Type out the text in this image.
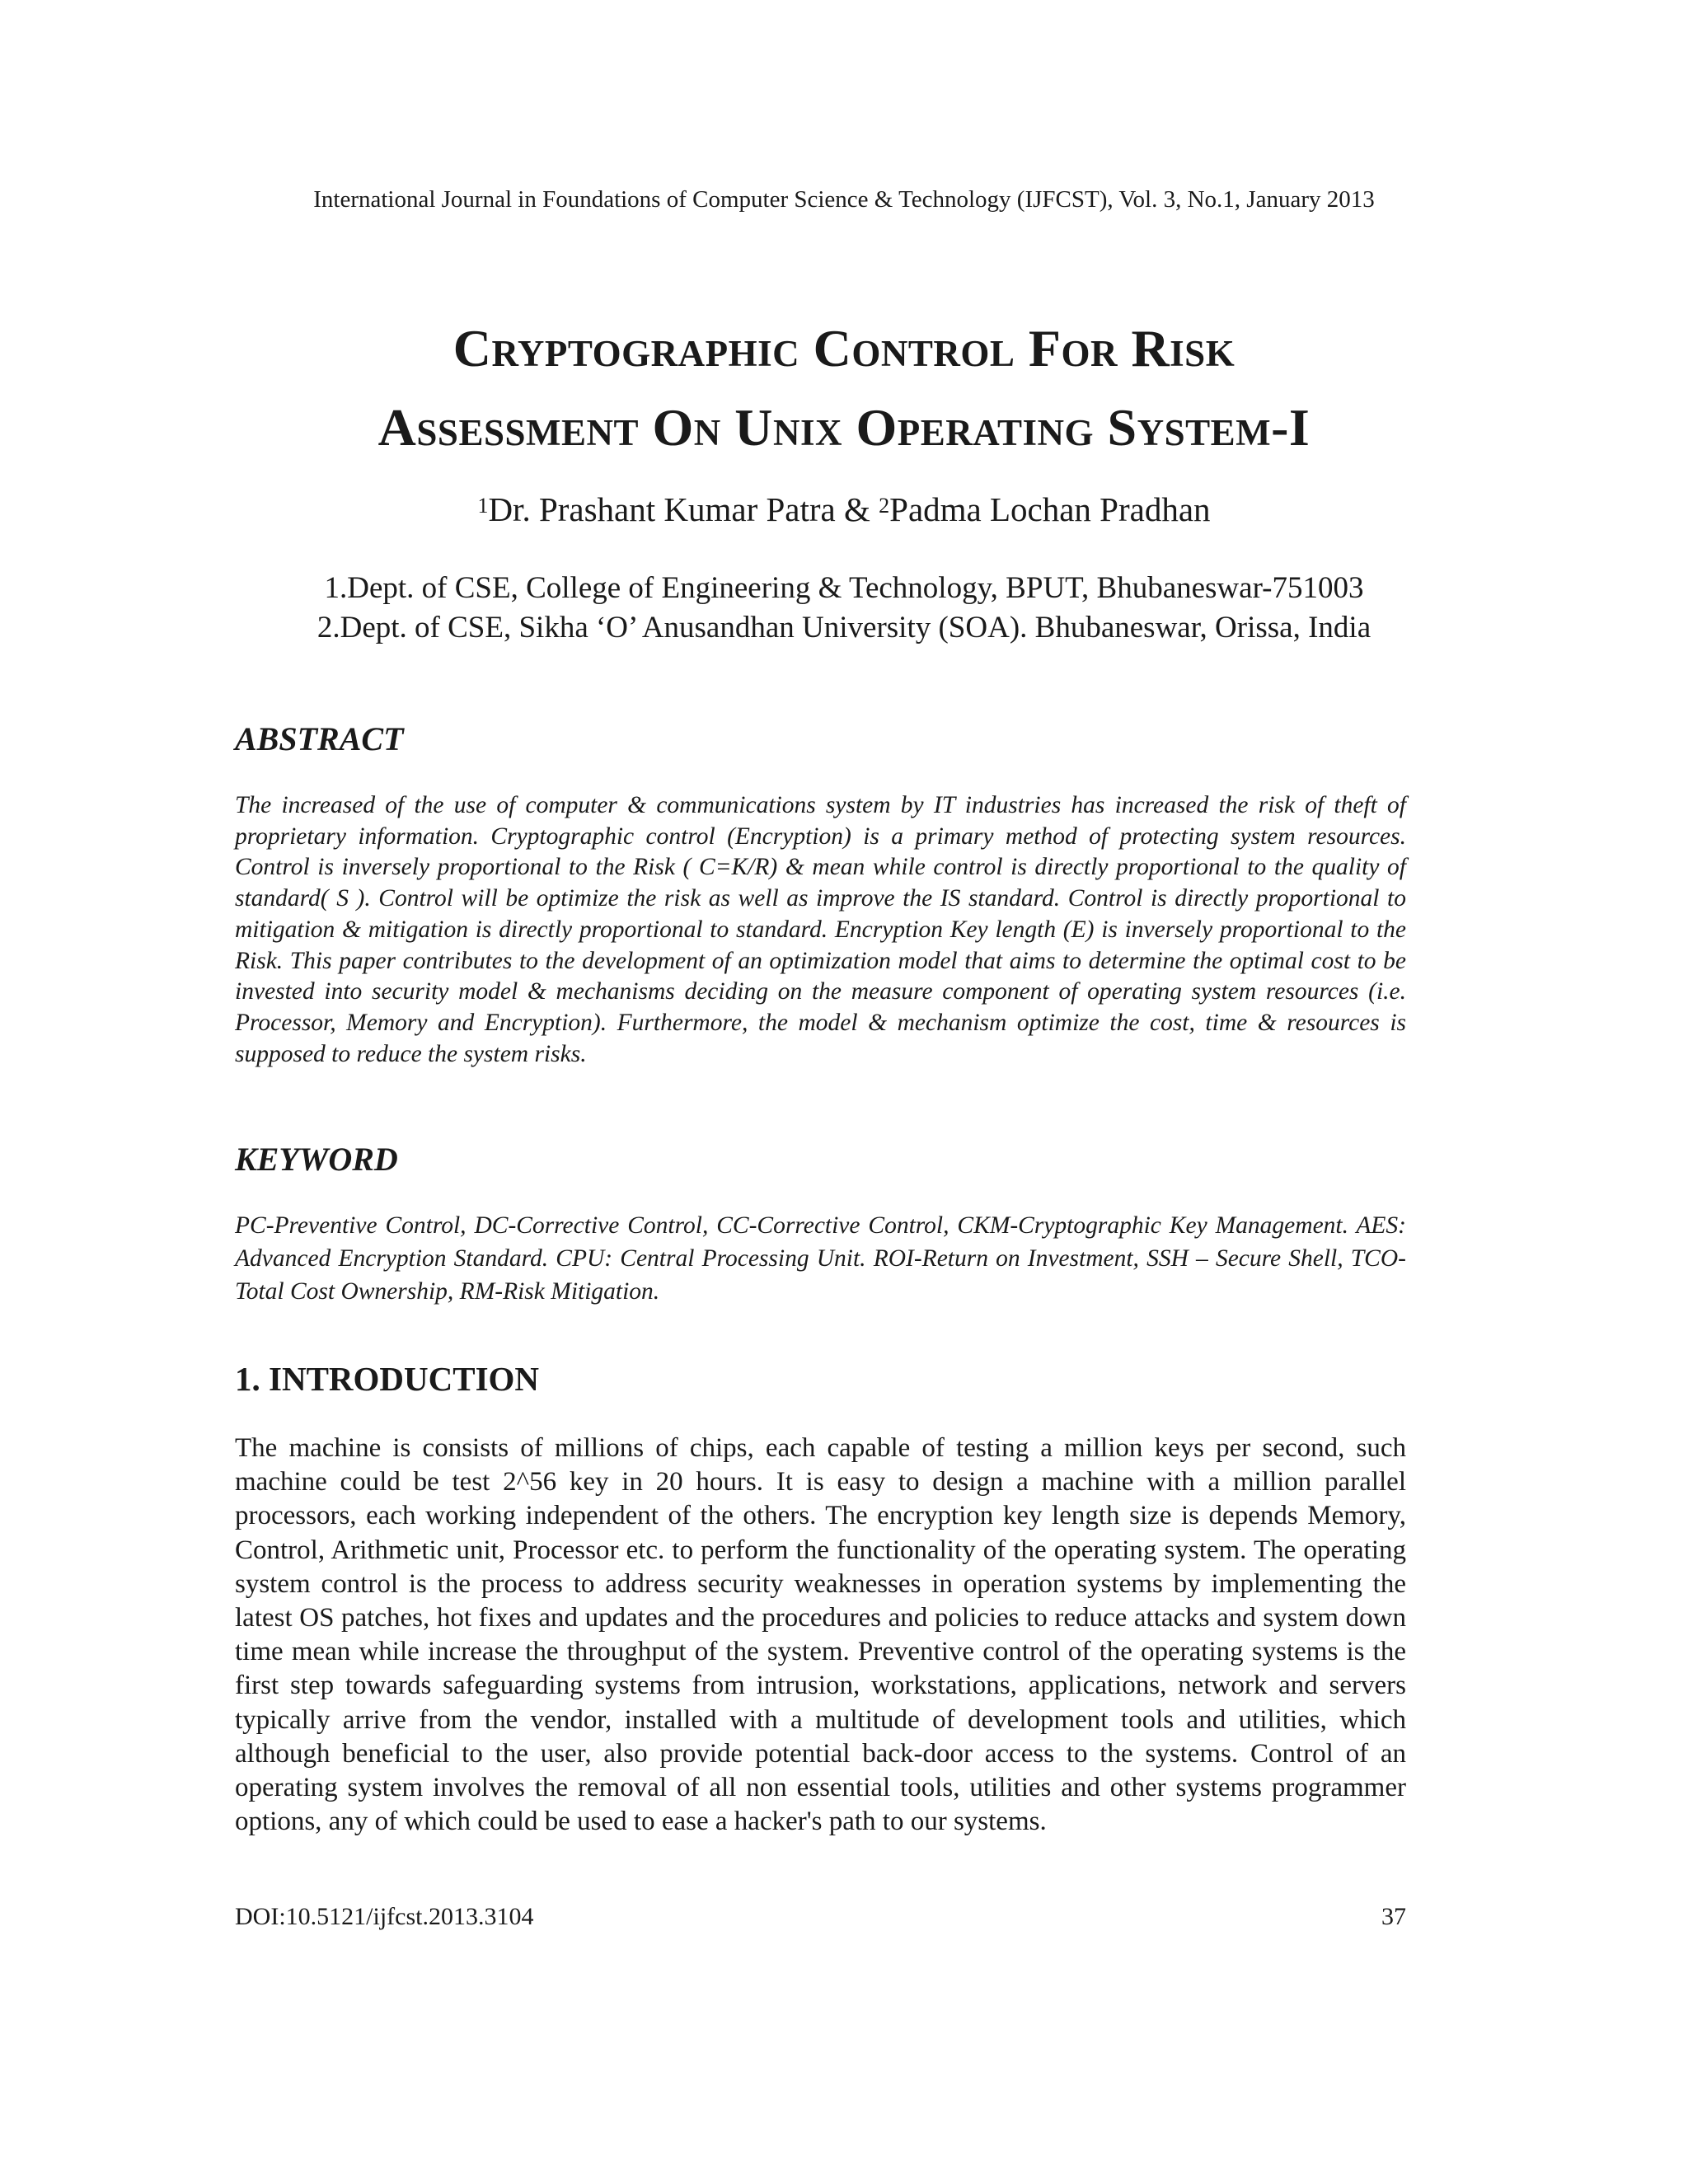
International Journal in Foundations of Computer Science & Technology (IJFCST), Vol. 3, No.1, January 2013
Cryptographic Control For Risk
Assessment On Unix Operating System-I
$^1$Dr. Prashant Kumar Patra & $^2$Padma Lochan Pradhan
1.Dept. of CSE, College of Engineering & Technology, BPUT, Bhubaneswar-751003
2.Dept. of CSE, Sikha ‘O’ Anusandhan University (SOA). Bhubaneswar, Orissa, India
ABSTRACT

The increased of the use of computer & communications system by IT industries has increased the risk of theft of proprietary information. Cryptographic control (Encryption) is a primary method of protecting system resources. Control is inversely proportional to the Risk ( C=K/R) & mean while control is directly proportional to the quality of standard( S ). Control will be optimize the risk as well as improve the IS standard. Control is directly proportional to mitigation & mitigation is directly proportional to standard. Encryption Key length (E) is inversely proportional to the Risk. This paper contributes to the development of an optimization model that aims to determine the optimal cost to be invested into security model & mechanisms deciding on the measure component of operating system resources (i.e. Processor, Memory and Encryption). Furthermore, the model & mechanism optimize the cost, time & resources is supposed to reduce the system risks.

KEYWORD

PC-Preventive Control, DC-Corrective Control, CC-Corrective Control, CKM-Cryptographic Key Management. AES: Advanced Encryption Standard. CPU: Central Processing Unit. ROI-Return on Investment, SSH – Secure Shell, TCO-Total Cost Ownership, RM-Risk Mitigation.

1. INTRODUCTION

The machine is consists of millions of chips, each capable of testing a million keys per second, such machine could be test 2^56 key in 20 hours. It is easy to design a machine with a million parallel processors, each working independent of the others. The encryption key length size is depends Memory, Control, Arithmetic unit, Processor etc. to perform the functionality of the operating system. The operating system control is the process to address security weaknesses in operation systems by implementing the latest OS patches, hot fixes and updates and the procedures and policies to reduce attacks and system down time mean while increase the throughput of the system. Preventive control of the operating systems is the first step towards safeguarding systems from intrusion, workstations, applications, network and servers typically arrive from the vendor, installed with a multitude of development tools and utilities, which although beneficial to the user, also provide potential back-door access to the systems. Control of an operating system involves the removal of all non essential tools, utilities and other systems programmer options, any of which could be used to ease a hacker's path to our systems.

DOI:10.5121/ijfcst.2013.3104	37
